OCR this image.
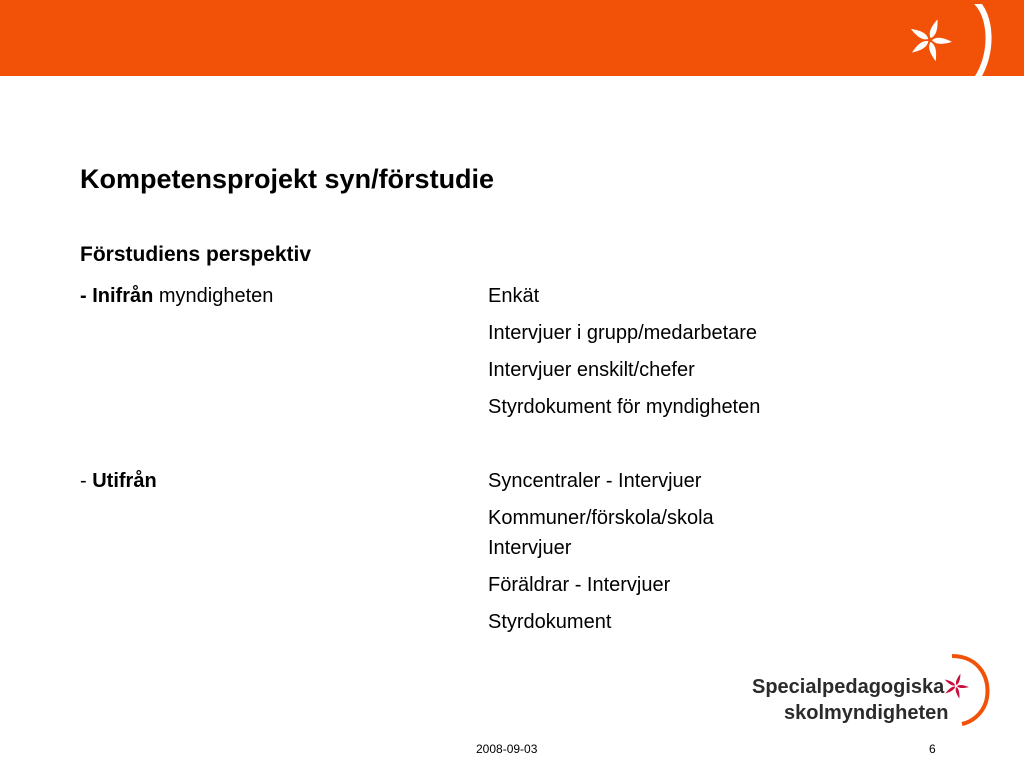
Kompetensprojekt syn/förstudie
Förstudiens perspektiv
- Inifrån myndigheten	Enkät
Intervjuer i grupp/medarbetare
Intervjuer enskilt/chefer
Styrdokument för myndigheten
- Utifrån	Syncentraler - Intervjuer
Kommuner/förskola/skola
Intervjuer
Föräldrar - Intervjuer
Styrdokument
Specialpedagogiska
skolmyndigheten
2008-09-03	6
